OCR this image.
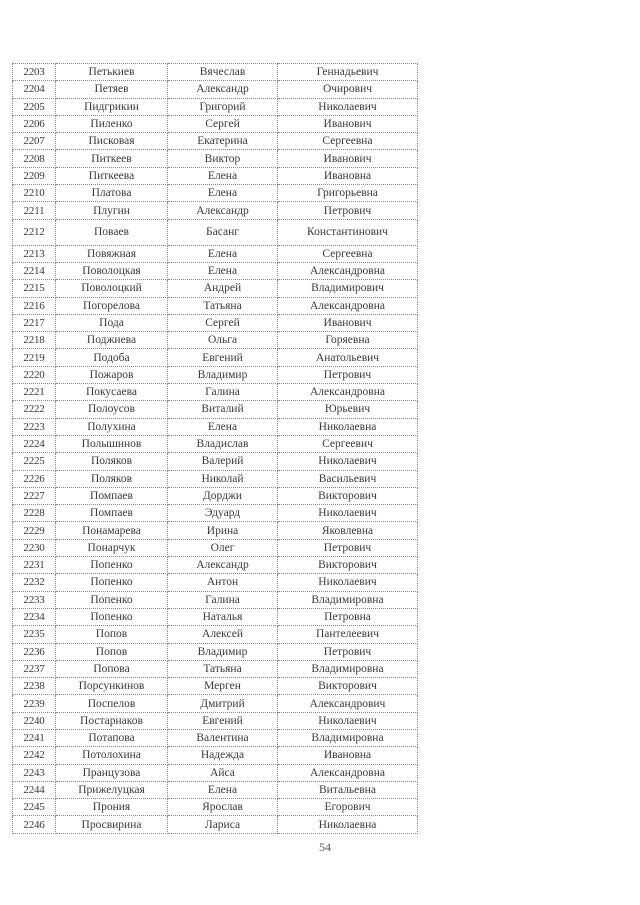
2203	Петькиев	Вячеслав	Геннадьевич
2204	Петяев	Александр	Очирович
2205	Пидгрикин	Григорий	Николаевич
2206	Пиленко	Сергей	Иванович
2207	Писковая	Екатерина	Сергеевна
2208	Питкеев	Виктор	Иванович
2209	Питкеева	Елена	Ивановна
2210	Платова	Елена	Григорьевна
2211	Плугин	Александр	Петрович
2212	Поваев	Басанг	Константинович
2213	Повяжная	Елена	Сергеевна
2214	Поволоцкая	Елена	Александровна
2215	Поволоцкий	Андрей	Владимирович
2216	Погорелова	Татьяна	Александровна
2217	Пода	Сергей	Иванович
2218	Поджиева	Ольга	Горяевна
2219	Подоба	Евгений	Анатольевич
2220	Пожаров	Владимир	Петрович
2221	Покусаева	Галина	Александровна
2222	Полоусов	Виталий	Юрьевич
2223	Полухина	Елена	Николаевна
2224	Полышинов	Владислав	Сергеевич
2225	Поляков	Валерий	Николаевич
2226	Поляков	Николай	Васильевич
2227	Помпаев	Дорджи	Викторович
2228	Помпаев	Эдуард	Николаевич
2229	Понамарева	Ирина	Яковлевна
2230	Понарчук	Олег	Петрович
2231	Попенко	Александр	Викторович
2232	Попенко	Антон	Николаевич
2233	Попенко	Галина	Владимировна
2234	Попенко	Наталья	Петровна
2235	Попов	Алексей	Пантелеевич
2236	Попов	Владимир	Петрович
2237	Попова	Татьяна	Владимировна
2238	Порсункинов	Мерген	Викторович
2239	Поспелов	Дмитрий	Александрович
2240	Постарнаков	Евгений	Николаевич
2241	Потапова	Валентина	Владимировна
2242	Потолохина	Надежда	Ивановна
2243	Пранцузова	Айса	Александровна
2244	Прижелуцкая	Елена	Витальевна
2245	Прония	Ярослав	Егорович
2246	Просвирина	Лариса	Николаевна
54
